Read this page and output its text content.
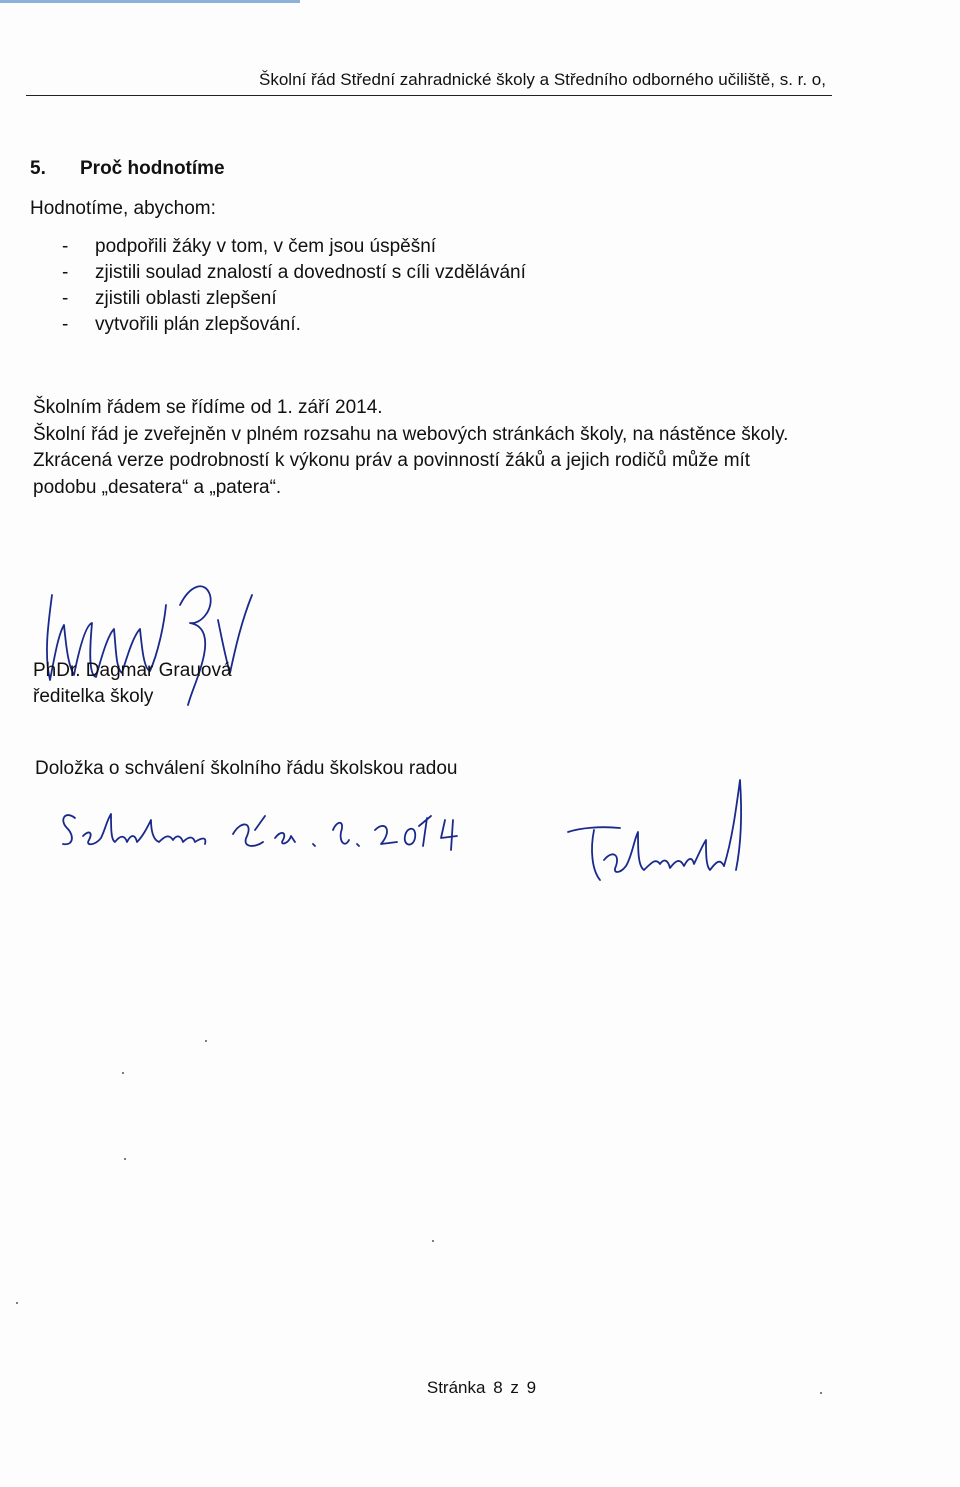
Školní řád Střední zahradnické školy a Středního odborného učiliště, s. r. o,
5. Proč hodnotíme
Hodnotíme, abychom:
- podpořili žáky v tom, v čem jsou úspěšní
- zjistili soulad znalostí a dovedností s cíli vzdělávání
- zjistili oblasti zlepšení
- vytvořili plán zlepšování.
Školním řádem se řídíme od 1. září 2014.
Školní řád je zveřejněn v plném rozsahu na webových stránkách školy, na nástěnce školy.
Zkrácená verze podrobností k výkonu práv a povinností žáků a jejich rodičů může mít
podobu „desatera“ a „patera“.
PhDr. Dagmar Grauová
ředitelka školy
Doložka o schválení školního řádu školskou radou
Stránka 8 z 9
